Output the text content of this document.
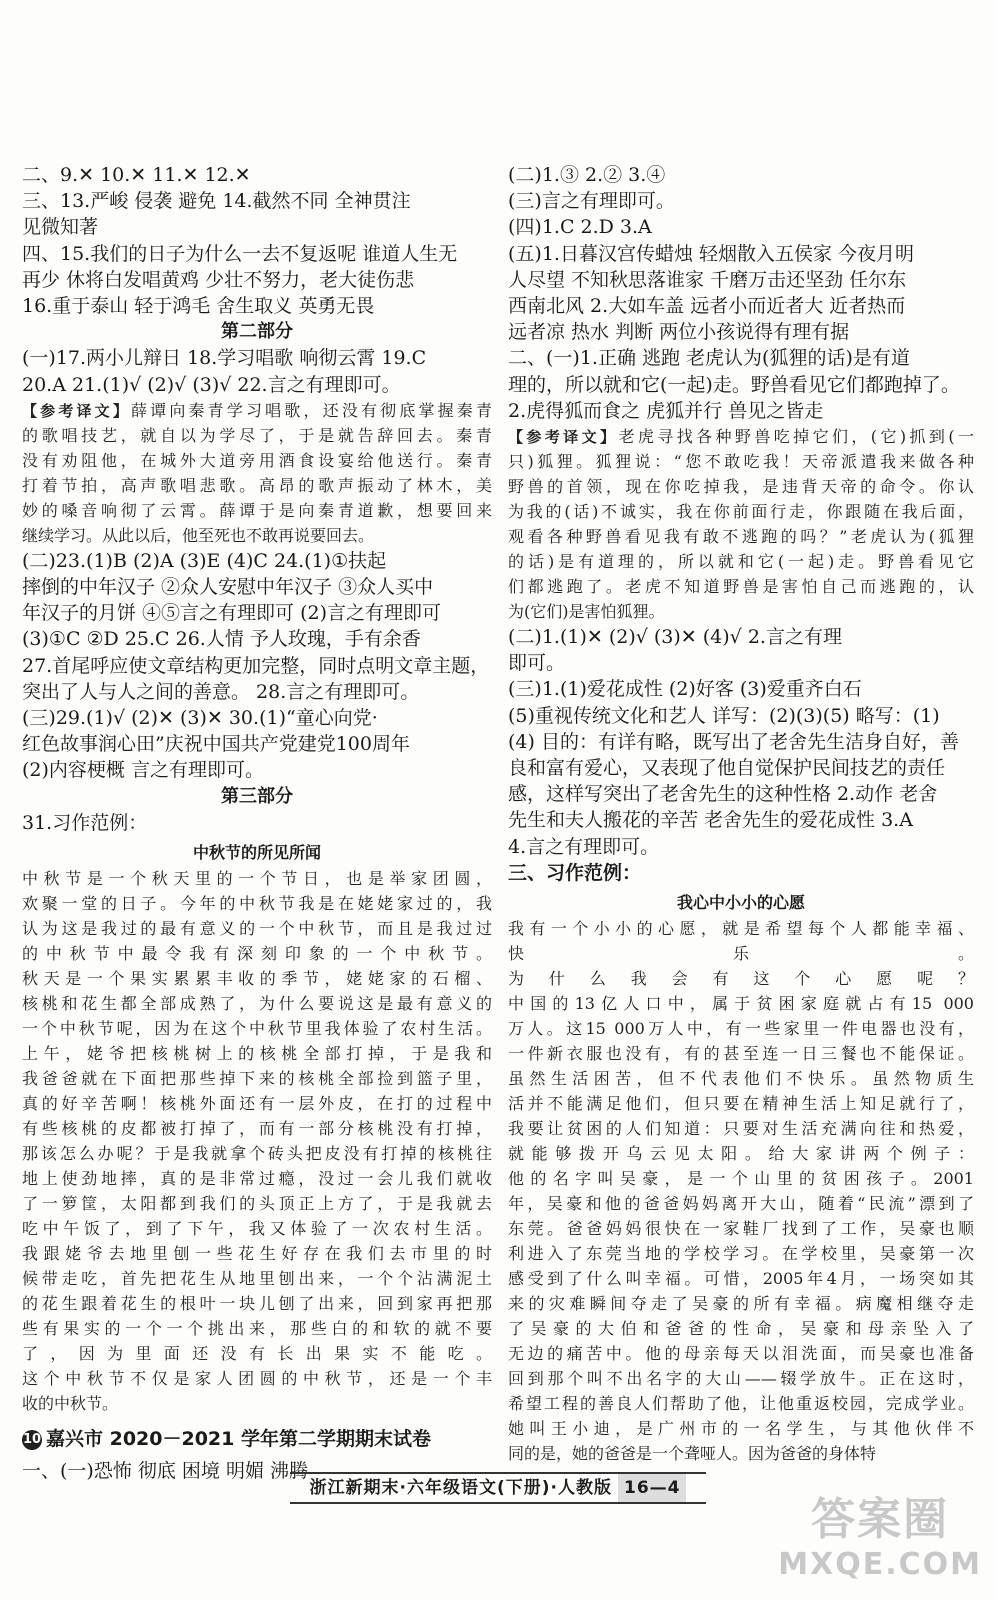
二、9.✕ 10.✕ 11.✕ 12.✕
三、13.严峻 侵袭 避免 14.截然不同 全神贯注
见微知著
四、15.我们的日子为什么一去不复返呢 谁道人生无
再少 休将白发唱黄鸡 少壮不努力，老大徒伤悲
16.重于泰山 轻于鸿毛 舍生取义 英勇无畏
第二部分
(一)17.两小儿辩日 18.学习唱歌 响彻云霄 19.C
20.A 21.(1)√ (2)√ (3)√ 22.言之有理即可。
【参考译文】薛谭向秦青学习唱歌，还没有彻底掌握秦青
的歌唱技艺，就自以为学尽了，于是就告辞回去。秦青
没有劝阻他，在城外大道旁用酒食设宴给他送行。秦青
打着节拍，高声歌唱悲歌。高昂的歌声振动了林木，美
妙的嗓音响彻了云霄。薛谭于是向秦青道歉，想要回来
继续学习。从此以后，他至死也不敢再说要回去。
(二)23.(1)B (2)A (3)E (4)C 24.(1)①扶起
摔倒的中年汉子 ②众人安慰中年汉子 ③众人买中
年汉子的月饼 ④⑤言之有理即可 (2)言之有理即可
(3)①C ②D 25.C 26.人情 予人玫瑰，手有余香
27.首尾呼应使文章结构更加完整，同时点明文章主题，
突出了人与人之间的善意。 28.言之有理即可。
(三)29.(1)√ (2)✕ (3)✕ 30.(1)“童心向党·
红色故事润心田”庆祝中国共产党建党100周年
(2)内容梗概 言之有理即可。
第三部分
31.习作范例：
中秋节的所见所闻
中秋节是一个秋天里的一个节日，也是举家团圆，
欢聚一堂的日子。今年的中秋节我是在姥姥家过的，我
认为这是我过的最有意义的一个中秋节，而且是我过过
的中秋节中最令我有深刻印象的一个中秋节。
秋天是一个果实累累丰收的季节，姥姥家的石榴、
核桃和花生都全部成熟了，为什么要说这是最有意义的
一个中秋节呢，因为在这个中秋节里我体验了农村生活。
上午，姥爷把核桃树上的核桃全部打掉，于是我和
我爸爸就在下面把那些掉下来的核桃全部捡到篮子里，
真的好辛苦啊！核桃外面还有一层外皮，在打的过程中
有些核桃的皮都被打掉了，而有一部分核桃没有打掉，
那该怎么办呢？于是我就拿个砖头把皮没有打掉的核桃往
地上使劲地摔，真的是非常过瘾，没过一会儿我们就收
了一箩筐，太阳都到我们的头顶正上方了，于是我就去
吃中午饭了，到了下午，我又体验了一次农村生活。
我跟姥爷去地里刨一些花生好存在我们去市里的时
候带走吃，首先把花生从地里刨出来，一个个沾满泥土
的花生跟着花生的根叶一块儿刨了出来，回到家再把那
些有果实的一个一个挑出来，那些白的和软的就不要
了，因为里面还没有长出果实不能吃。
这个中秋节不仅是家人团圆的中秋节，还是一个丰
收的中秋节。
10 嘉兴市 2020－2021 学年第二学期期末试卷
一、(一)恐怖 彻底 困境 明媚 沸腾
(二)1.③ 2.② 3.④
(三)言之有理即可。
(四)1.C 2.D 3.A
(五)1.日暮汉宫传蜡烛 轻烟散入五侯家 今夜月明
人尽望 不知秋思落谁家 千磨万击还坚劲 任尔东
西南北风 2.大如车盖 远者小而近者大 近者热而
远者凉 热水 判断 两位小孩说得有理有据
二、(一)1.正确 逃跑 老虎认为(狐狸的话)是有道
理的，所以就和它(一起)走。野兽看见它们都跑掉了。
2.虎得狐而食之 虎狐并行 兽见之皆走
【参考译文】老虎寻找各种野兽吃掉它们，(它)抓到(一
只)狐狸。狐狸说：“您不敢吃我！天帝派遣我来做各种
野兽的首领，现在你吃掉我，是违背天帝的命令。你认
为我的(话)不诚实，我在你前面行走，你跟随在我后面，
观看各种野兽看见我有敢不逃跑的吗？”老虎认为(狐狸
的话)是有道理的，所以就和它(一起)走。野兽看见它
们都逃跑了。老虎不知道野兽是害怕自己而逃跑的，认
为(它们)是害怕狐狸。
(二)1.(1)✕ (2)√ (3)✕ (4)√ 2.言之有理
即可。
(三)1.(1)爱花成性 (2)好客 (3)爱重齐白石
(5)重视传统文化和艺人 详写：(2)(3)(5) 略写：(1)
(4) 目的：有详有略，既写出了老舍先生洁身自好，善
良和富有爱心，又表现了他自觉保护民间技艺的责任
感，这样写突出了老舍先生的这种性格 2.动作 老舍
先生和夫人搬花的辛苦 老舍先生的爱花成性 3.A
4.言之有理即可。
三、习作范例：
我心中小小的心愿
我有一个小小的心愿，就是希望每个人都能幸福、
快乐。
为什么我会有这个心愿呢？
中国的13亿人口中，属于贫困家庭就占有15 000
万人。这15 000万人中，有一些家里一件电器也没有，
一件新衣服也没有，有的甚至连一日三餐也不能保证。
虽然生活困苦，但不代表他们不快乐。虽然物质生
活并不能满足他们，但只要在精神生活上知足就行了，
我要让贫困的人们知道：只要对生活充满向往和热爱，
就能够拨开乌云见太阳。给大家讲两个例子：
他的名字叫吴豪，是一个山里的贫困孩子。2001
年，吴豪和他的爸爸妈妈离开大山，随着“民流”漂到了
东莞。爸爸妈妈很快在一家鞋厂找到了工作，吴豪也顺
利进入了东莞当地的学校学习。在学校里，吴豪第一次
感受到了什么叫幸福。可惜，2005年4月，一场突如其
来的灾难瞬间夺走了吴豪的所有幸福。病魔相继夺走
了吴豪的大伯和爸爸的性命，吴豪和母亲坠入了
无边的痛苦中。他的母亲每天以泪洗面，而吴豪也准备
回到那个叫不出名字的大山——辍学放牛。正在这时，
希望工程的善良人们帮助了他，让他重返校园，完成学业。
她叫王小迪，是广州市的一名学生，与其他伙伴不
同的是，她的爸爸是一个聋哑人。因为爸爸的身体特
浙江新期末·六年级语文(下册)·人教版 16—4
答案圈
MXQE.COM
